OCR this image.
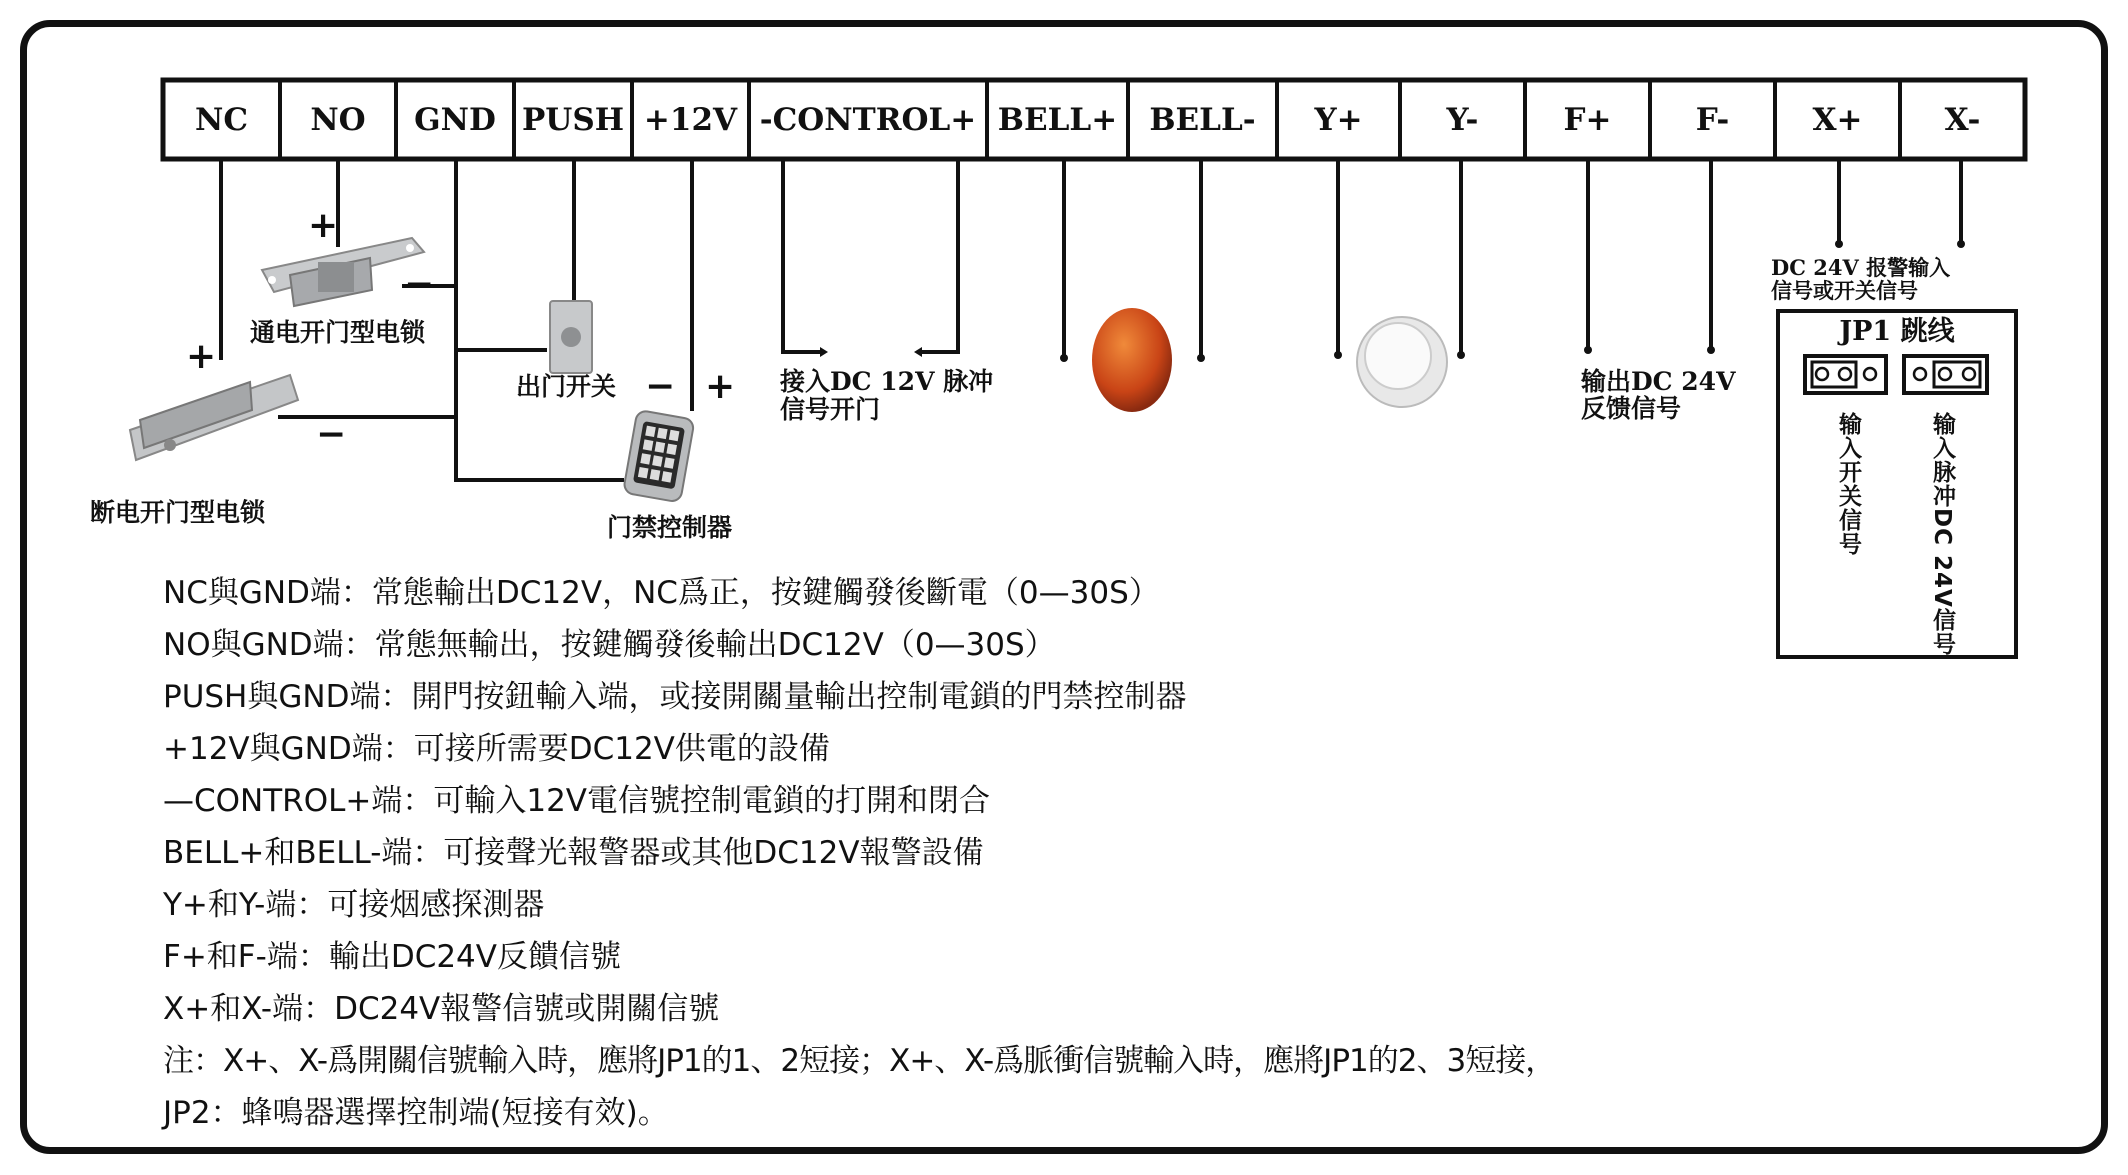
NC	NO	GND PUSH +12V -CONTROL+ BELL+	BELL-	Y+	Y-	F+	F-	X+	X-
+
−
+
−
− +
通电开门型电锁
断电开门型电锁
出门开关
门禁控制器
接入DC 12V 脉冲
信号开门
输出DC 24V
反馈信号
DC 24V 报警输入
信号或开关信号
JP1 跳线
输入开关信号	输入脉冲DC 24V信号
NC與GND端：常態輸出DC12V，NC爲正，按鍵觸發後斷電（0—30S）
NO與GND端：常態無輸出，按鍵觸發後輸出DC12V（0—30S）
PUSH與GND端：開門按鈕輸入端，或接開關量輸出控制電鎖的門禁控制器
+12V與GND端：可接所需要DC12V供電的設備
—CONTROL+端：可輸入12V電信號控制電鎖的打開和閉合
BELL+和BELL-端：可接聲光報警器或其他DC12V報警設備
Y+和Y-端：可接烟感探測器
F+和F-端：輸出DC24V反饋信號
X+和X-端：DC24V報警信號或開關信號
注：X+、X-爲開關信號輸入時，應將JP1的1、2短接；X+、X-爲脈衝信號輸入時，應將JP1的2、3短接，
JP2：蜂鳴器選擇控制端(短接有效)。
